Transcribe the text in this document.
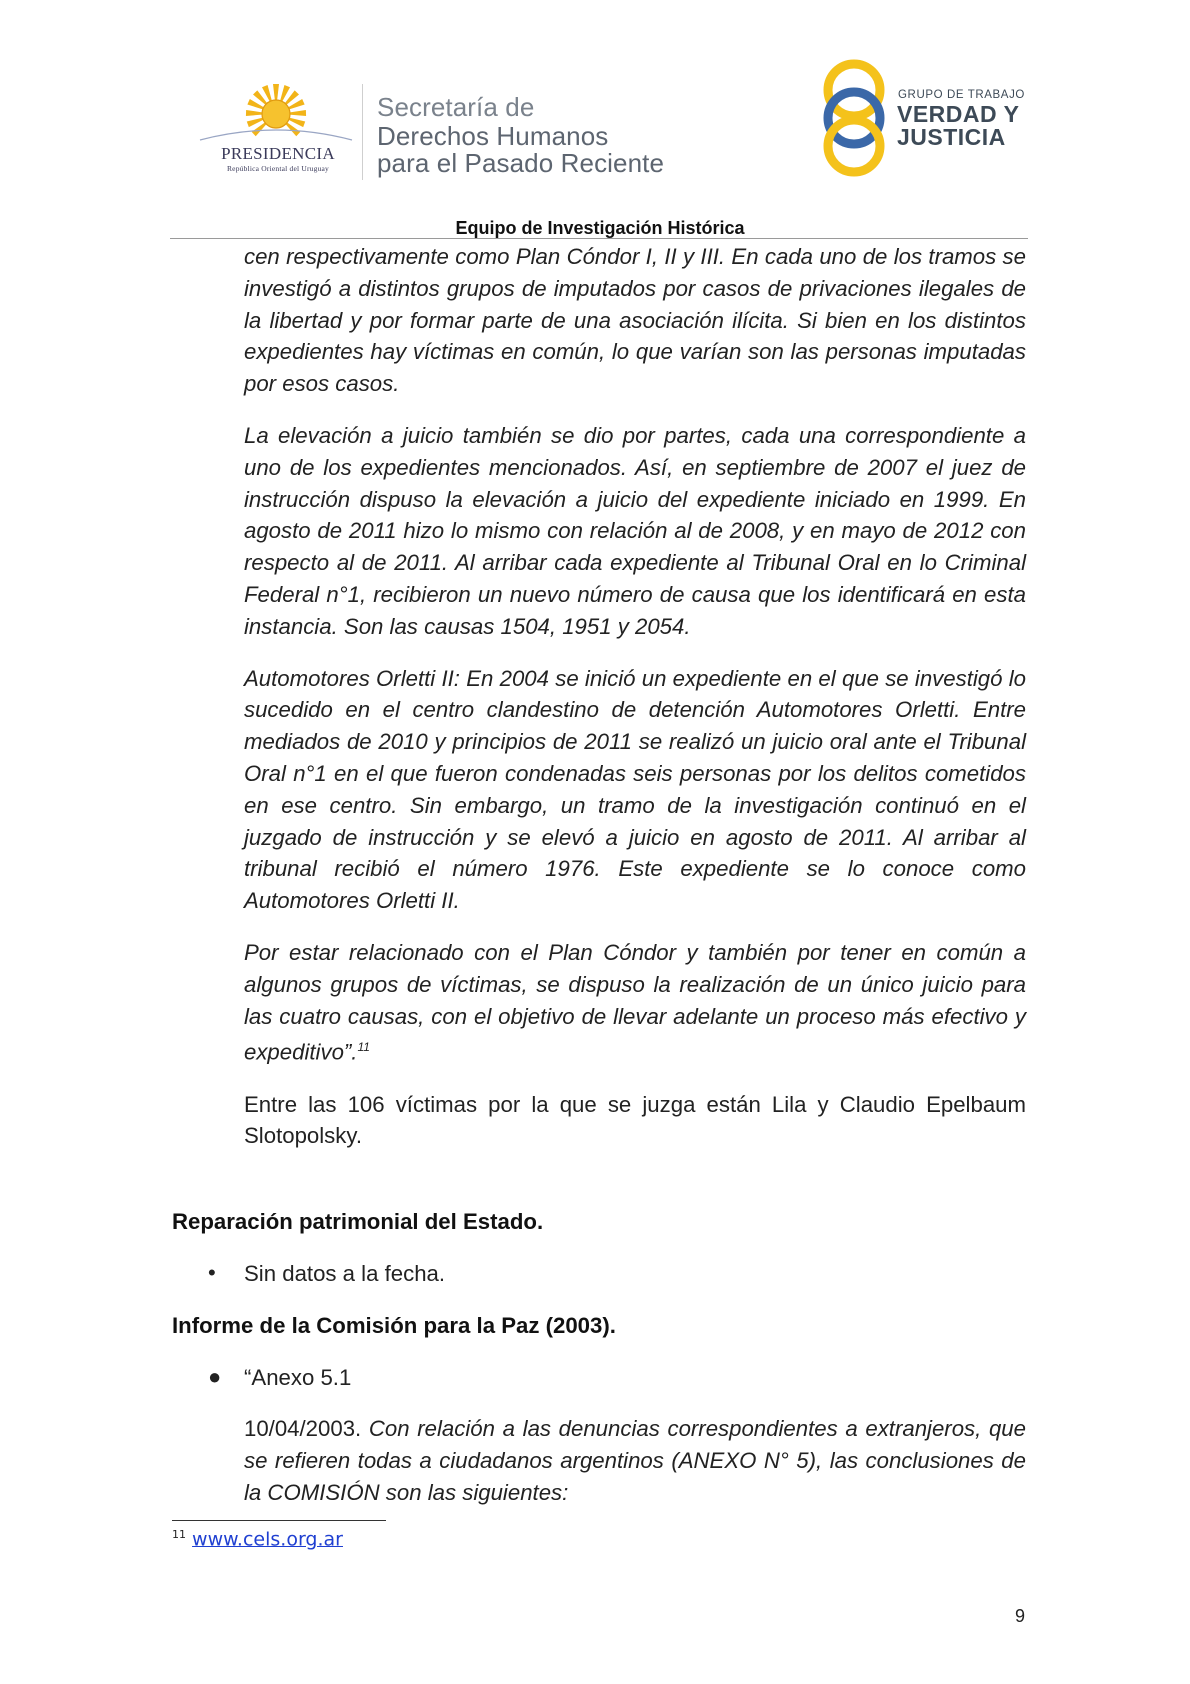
PRESIDENCIA
República Oriental del Uruguay
Secretaría de
Derechos Humanos
para el Pasado Reciente
GRUPO DE TRABAJO
VERDAD Y
JUSTICIA
Equipo de Investigación Histórica

cen respectivamente como Plan Cóndor I, II y III. En cada uno de los tramos se investigó a distintos grupos de imputados por casos de privaciones ilegales de la libertad y por formar parte de una asociación ilícita. Si bien en los distintos expedientes hay víctimas en común, lo que varían son las personas imputadas por esos casos.

La elevación a juicio también se dio por partes, cada una correspondiente a uno de los expedientes mencionados. Así, en septiembre de 2007 el juez de instrucción dispuso la elevación a juicio del expediente iniciado en 1999. En agosto de 2011 hizo lo mismo con relación al de 2008, y en mayo de 2012 con respecto al de 2011. Al arribar cada expediente al Tribunal Oral en lo Criminal Federal n°1, recibieron un nuevo número de causa que los identificará en esta instancia. Son las causas 1504, 1951 y 2054.

Automotores Orletti II: En 2004 se inició un expediente en el que se investigó lo sucedido en el centro clandestino de detención Automotores Orletti. Entre mediados de 2010 y principios de 2011 se realizó un juicio oral ante el Tribunal Oral n°1 en el que fueron condenadas seis personas por los delitos cometidos en ese centro. Sin embargo, un tramo de la investigación continuó en el juzgado de instrucción y se elevó a juicio en agosto de 2011. Al arribar al tribunal recibió el número 1976. Este expediente se lo conoce como Automotores Orletti II.

Por estar relacionado con el Plan Cóndor y también por tener en común a algunos grupos de víctimas, se dispuso la realización de un único juicio para las cuatro causas, con el objetivo de llevar adelante un proceso más efectivo y expeditivo”.$^{11}$

Entre las 106 víctimas por la que se juzga están Lila y Claudio Epelbaum Slotopolsky.

Reparación patrimonial del Estado.
• Sin datos a la fecha.
Informe de la Comisión para la Paz (2003).
● “Anexo 5.1
10/04/2003. Con relación a las denuncias correspondientes a extranjeros, que se refieren todas a ciudadanos argentinos (ANEXO N° 5), las conclusiones de la COMISIÓN son las siguientes:
$^{11}$ www.cels.org.ar
9
